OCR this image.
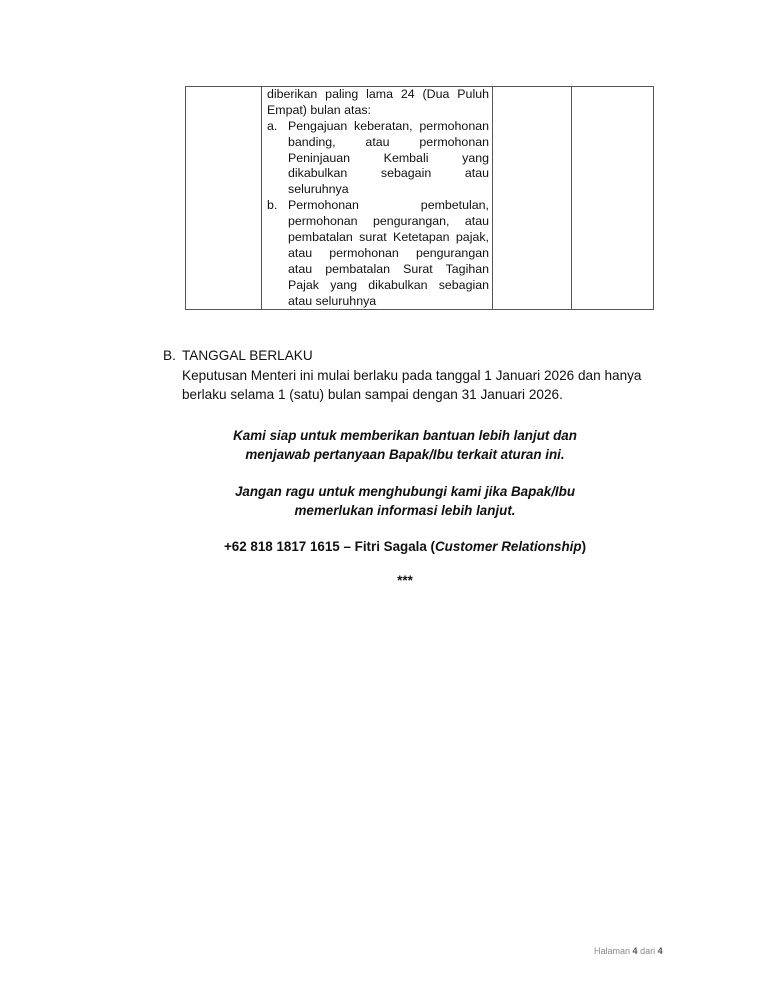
diberikan paling lama 24 (Dua Puluh
Empat) bulan atas:
a. Pengajuan keberatan, permohonan
banding, atau permohonan
Peninjauan Kembali yang
dikabulkan sebagain atau
seluruhnya
b. Permohonan pembetulan,
permohonan pengurangan, atau
pembatalan surat Ketetapan pajak,
atau permohonan pengurangan
atau pembatalan Surat Tagihan
Pajak yang dikabulkan sebagian
atau seluruhnya

B. TANGGAL BERLAKU
Keputusan Menteri ini mulai berlaku pada tanggal 1 Januari 2026 dan hanya berlaku selama 1 (satu) bulan sampai dengan 31 Januari 2026.
Kami siap untuk memberikan bantuan lebih lanjut dan
menjawab pertanyaan Bapak/Ibu terkait aturan ini.
Jangan ragu untuk menghubungi kami jika Bapak/Ibu
memerlukan informasi lebih lanjut.
+62 818 1817 1615 – Fitri Sagala (Customer Relationship)
***
Halaman 4 dari 4
